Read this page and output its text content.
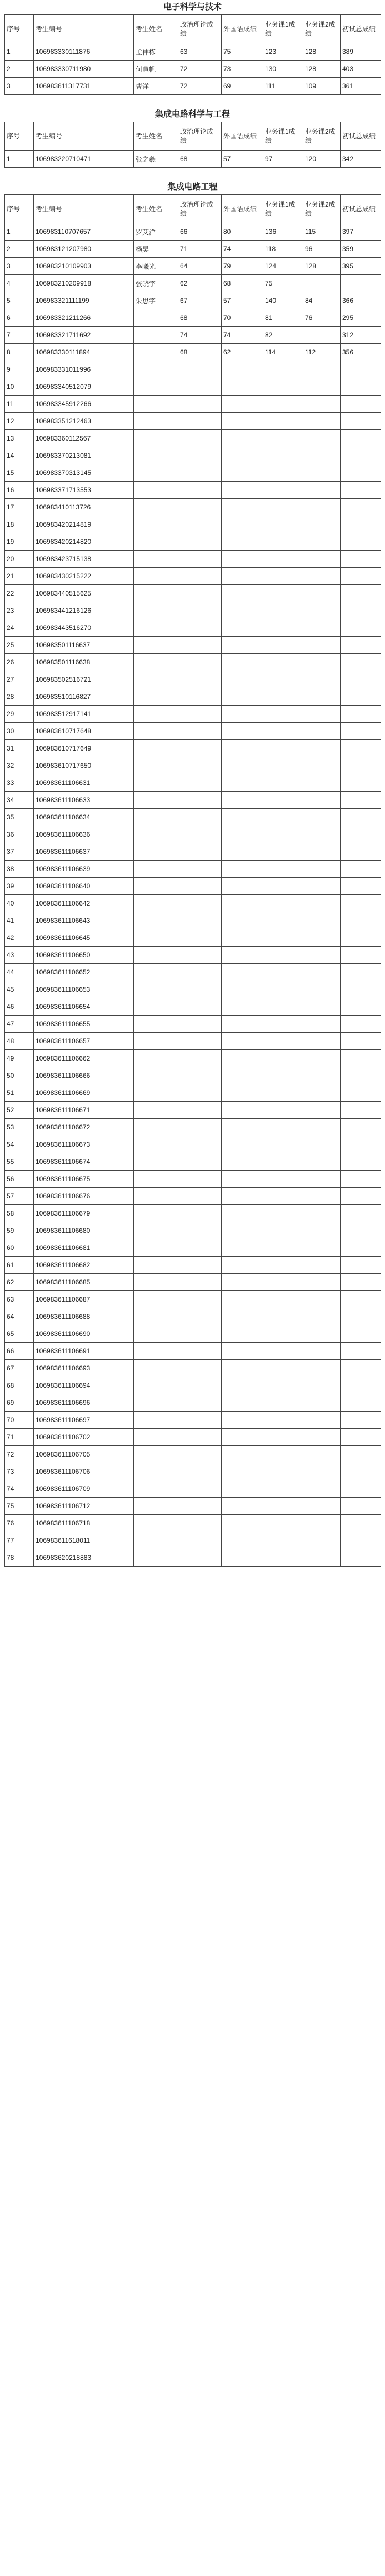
电子科学与技术
序号	考生编号	考生姓名	政治理论成绩	外国语成绩	业务课1成绩	业务课2成绩	初试总成绩
1	106983330111876	孟伟栋	63	75	123	128	389
2	106983330711980	何慧帆	72	73	130	128	403
3	106983611317731	曹洋	72	69	111	109	361
集成电路科学与工程
序号	考生编号	考生姓名	政治理论成绩	外国语成绩	业务课1成绩	业务课2成绩	初试总成绩
1	106983220710471	张之羲	68	57	97	120	342
集成电路工程
序号	考生编号	考生姓名	政治理论成绩	外国语成绩	业务课1成绩	业务课2成绩	初试总成绩
1	106983110707657	罗艾洋	66	80	136	115	397
2	106983121207980	杨昊	71	74	118	96	359
3	106983210109903	李曦光	64	79	124	128	395
4	106983210209918	张晓宇	62	68	75		
5	106983321111199	朱思宇	67	57	140	84	366
6	106983321211266		68	70	81	76	295
7	106983321711692		74	74	82		312
8	106983330111894		68	62	114	112	356
9	106983331011996						
10	106983340512079						
11	106983345912266						
12	106983351212463						
13	106983360112567						
14	106983370213081						
15	106983370313145						
16	106983371713553						
17	106983410113726						
18	106983420214819						
19	106983420214820						
20	106983423715138						
21	106983430215222						
22	106983440515625						
23	106983441216126						
24	106983443516270						
25	106983501116637						
26	106983501116638						
27	106983502516721						
28	106983510116827						
29	106983512917141						
30	106983610717648						
31	106983610717649						
32	106983610717650						
33	106983611106631						
34	106983611106633						
35	106983611106634						
36	106983611106636						
37	106983611106637						
38	106983611106639						
39	106983611106640						
40	106983611106642						
41	106983611106643						
42	106983611106645						
43	106983611106650						
44	106983611106652						
45	106983611106653						
46	106983611106654						
47	106983611106655						
48	106983611106657						
49	106983611106662						
50	106983611106666						
51	106983611106669						
52	106983611106671						
53	106983611106672						
54	106983611106673						
55	106983611106674						
56	106983611106675						
57	106983611106676						
58	106983611106679						
59	106983611106680						
60	106983611106681						
61	106983611106682						
62	106983611106685						
63	106983611106687						
64	106983611106688						
65	106983611106690						
66	106983611106691						
67	106983611106693						
68	106983611106694						
69	106983611106696						
70	106983611106697						
71	106983611106702						
72	106983611106705						
73	106983611106706						
74	106983611106709						
75	106983611106712						
76	106983611106718						
77	106983611618011						
78	106983620218883						
